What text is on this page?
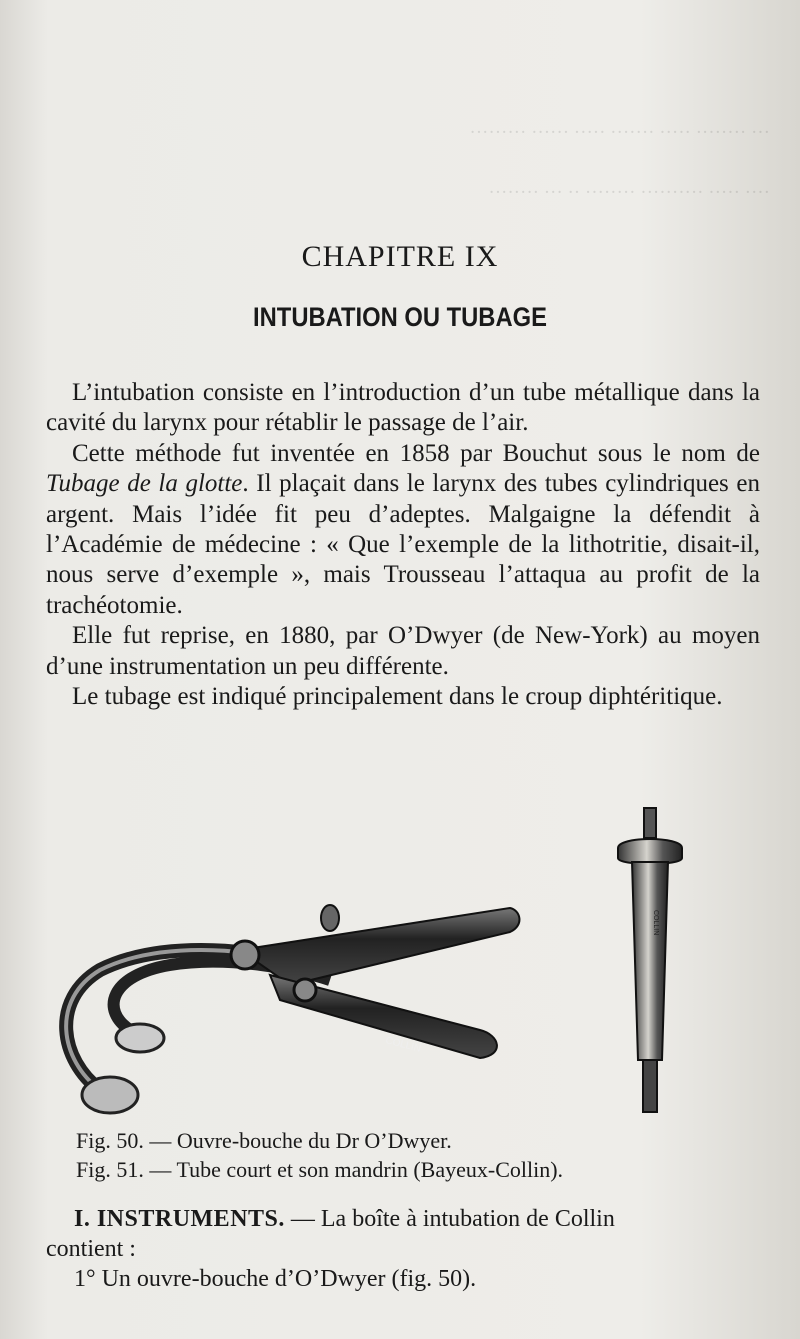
··· ········ ····· ······· ····· ······ ·········
···· ····· ·········· ········ ·· ··· ········
CHAPITRE IX
INTUBATION OU TUBAGE

L’intubation consiste en l’introduction d’un tube métallique dans la cavité du larynx pour rétablir le passage de l’air.

Cette méthode fut inventée en 1858 par Bouchut sous le nom de Tubage de la glotte. Il plaçait dans le larynx des tubes cylindriques en argent. Mais l’idée fit peu d’adeptes. Malgaigne la défendit à l’Académie de médecine : « Que l’exemple de la lithotritie, disait-il, nous serve d’exemple », mais Trousseau l’attaqua au profit de la trachéotomie.

Elle fut reprise, en 1880, par O’Dwyer (de New-York) au moyen d’une instrumentation un peu différente.

Le tubage est indiqué principalement dans le croup diphtéritique.

COLLIN
COLLIN
Fig. 50. — Ouvre-bouche du Dr O’Dwyer.
Fig. 51. — Tube court et son mandrin (Bayeux-Collin).
I. INSTRUMENTS. — La boîte à intubation de Collin
contient :
1° Un ouvre-bouche d’O’Dwyer (fig. 50).
